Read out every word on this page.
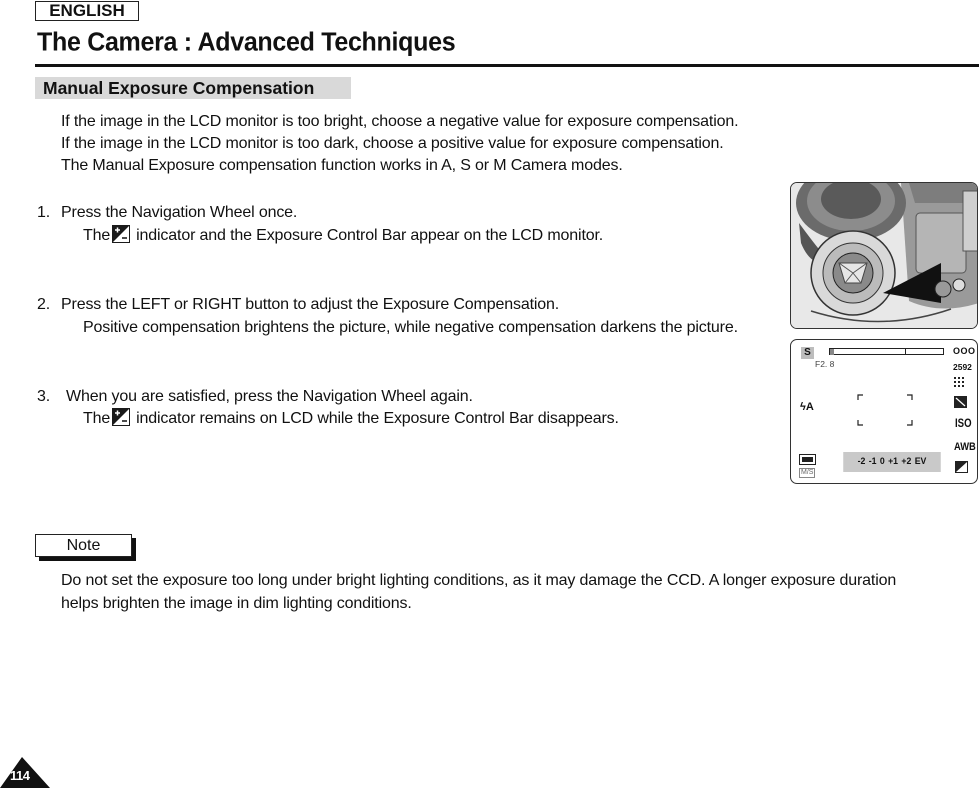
ENGLISH
The Camera : Advanced Techniques
Manual Exposure Compensation
If the image in the LCD monitor is too bright, choose a negative value for exposure compensation.
If the image in the LCD monitor is too dark, choose a positive value for exposure compensation.
The Manual Exposure compensation function works in A, S or M Camera modes.
1. Press the Navigation Wheel once.
The indicator and the Exposure Control Bar appear on the LCD monitor.
2. Press the LEFT or RIGHT button to adjust the Exposure Compensation.
Positive compensation brightens the picture, while negative compensation darkens the picture.
3. When you are satisfied, press the Navigation Wheel again.
The indicator remains on LCD while the Exposure Control Bar disappears.
S
F2. 8
OOO
2592
ϟA
ISO
AWB
-2 -1 0 +1 +2 EV
M/S
Note
Do not set the exposure too long under bright lighting conditions, as it may damage the CCD. A longer exposure duration
helps brighten the image in dim lighting conditions.
114
